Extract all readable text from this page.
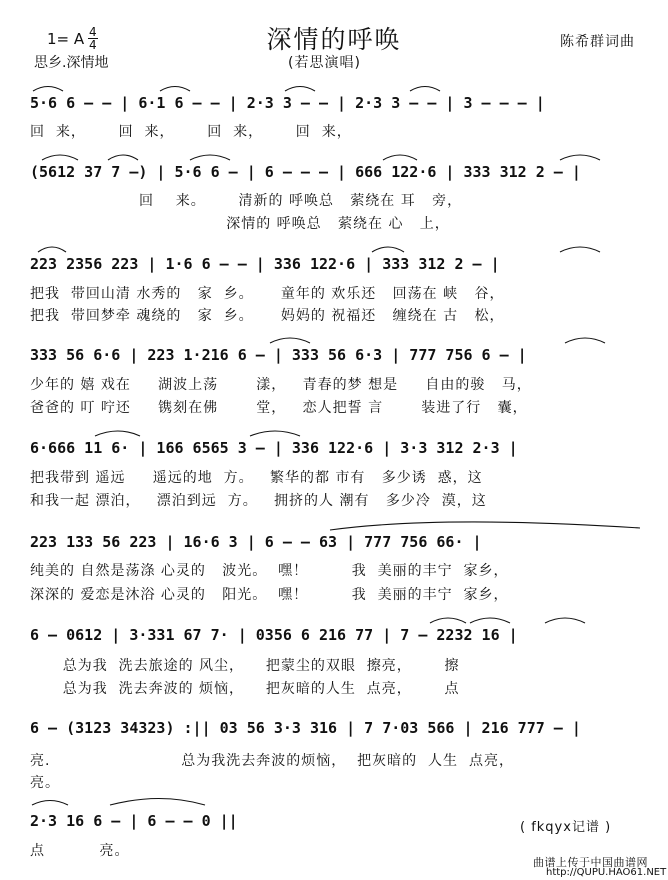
深情的呼唤
1= A 4
4	陈希群词曲
思乡.深情地	(若思演唱)
5·6 6 – – | 6·1 6 – – | 2·3 3 – – | 2·3 3 – – | 3 – – – |
回  来，      回  来，      回  来，      回  来，
(5612 37 7 –) | 5·6 6 – | 6 – – – | 666 122·6 | 333 312 2 – |
回    来。      清新的 呼唤总   萦绕在 耳   旁，
深情的 呼唤总   萦绕在 心   上，
223 2356 223 | 1·6 6 – – | 336 122·6 | 333 312 2 – |
把我  带回山清 水秀的   家  乡。     童年的 欢乐还   回荡在 峡   谷，
把我  带回梦牵 魂绕的   家  乡。     妈妈的 祝福还   缠绕在 古   松，
333 56 6·6 | 223 1·216 6 – | 333 56 6·3 | 777 756 6 – |
少年的 嬉 戏在     湖波上荡       漾，   青春的梦 想是     自由的骏   马，
爸爸的 叮 咛还     镌刻在佛       堂，   恋人把誓 言       装进了行   囊，
6·666 11 6· | 166 6565 3 – | 336 122·6 | 3·3 312 2·3 |
把我带到 遥远     遥远的地  方。   繁华的都 市有   多少诱  惑，这
和我一起 漂泊，   漂泊到远  方。   拥挤的人 潮有   多少冷  漠，这
223 133 56 223 | 16·6 3 | 6 – – 63 | 777 756 66· |
纯美的 自然是荡涤 心灵的   波光。  嘿！        我  美丽的丰宁  家乡，
深深的 爱恋是沐浴 心灵的   阳光。  嘿！        我  美丽的丰宁  家乡，
6 – 0612 | 3·331 67 7· | 0356 6 216 77 | 7 – 2232 16 |
总为我  洗去旅途的 风尘，    把蒙尘的双眼  擦亮，      擦
总为我  洗去奔波的 烦恼，    把灰暗的人生  点亮，      点
6 – (3123 34323) :|| 03 56 3·3 316 | 7 7·03 566 | 216 777 – |
亮.                        总为我洗去奔波的烦恼，  把灰暗的  人生  点亮，
亮。
2·3 16 6 – | 6 – – 0 ||
点          亮。
( fkqyx记谱 )
曲谱上传于中国曲谱网
http://QUPU.HAO61.NET
